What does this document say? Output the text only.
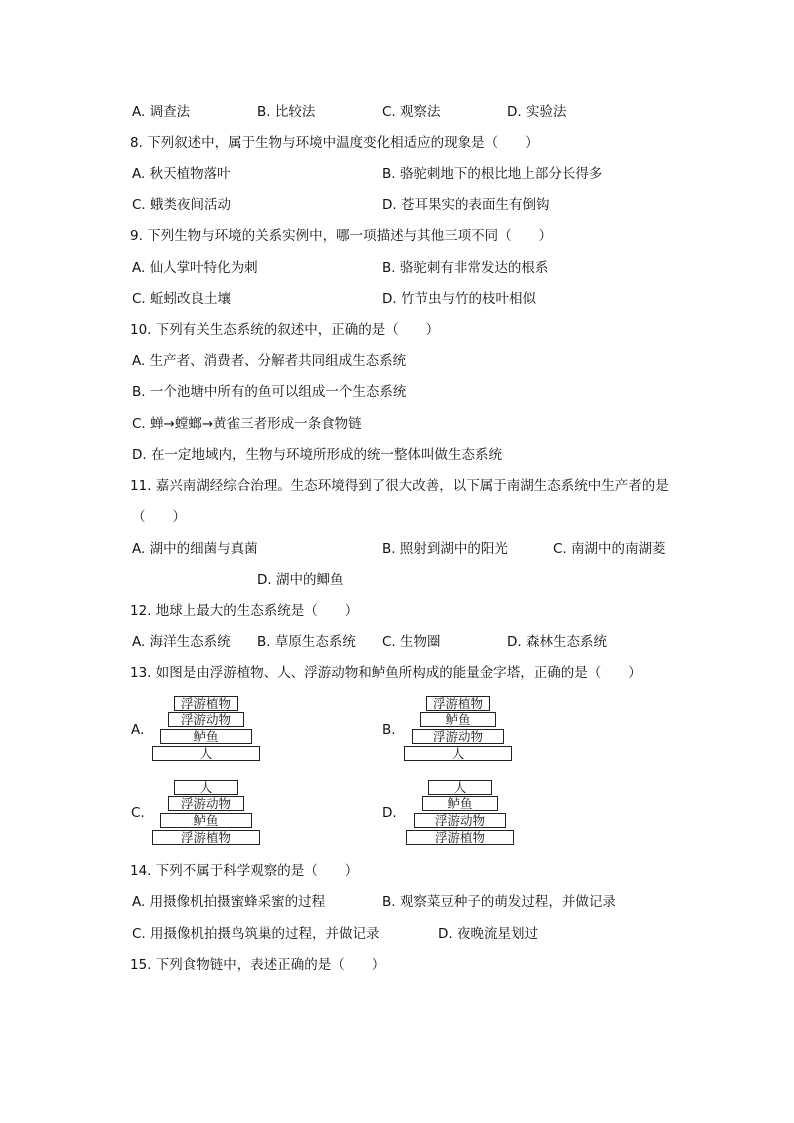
A. 调查法	B. 比较法	C. 观察法	D. 实验法
8. 下列叙述中，属于生物与环境中温度变化相适应的现象是（　　）
A. 秋天植物落叶	B. 骆驼刺地下的根比地上部分长得多
C. 蛾类夜间活动	D. 苍耳果实的表面生有倒钩
9. 下列生物与环境的关系实例中，哪一项描述与其他三项不同（　　）
A. 仙人掌叶特化为刺	B. 骆驼刺有非常发达的根系
C. 蚯蚓改良土壤	D. 竹节虫与竹的枝叶相似
10. 下列有关生态系统的叙述中，正确的是（　　）
A. 生产者、消费者、分解者共同组成生态系统
B. 一个池塘中所有的鱼可以组成一个生态系统
C. 蝉→螳螂→黄雀三者形成一条食物链
D. 在一定地域内，生物与环境所形成的统一整体叫做生态系统
11. 嘉兴南湖经综合治理。生态环境得到了很大改善，以下属于南湖生态系统中生产者的是
（　　）
A. 湖中的细菌与真菌	B. 照射到湖中的阳光	C. 南湖中的南湖菱
D. 湖中的鲫鱼
12. 地球上最大的生态系统是（　　）
A. 海洋生态系统 B. 草原生态系统 C. 生物圈	D. 森林生态系统
13. 如图是由浮游植物、人、浮游动物和鲈鱼所构成的能量金字塔，正确的是（　　）
A.
浮游植物
浮游动物
鲈鱼
人
B.
浮游植物
鲈鱼
浮游动物
人
C.
人
浮游动物
鲈鱼
浮游植物
D.
人
鲈鱼
浮游动物
浮游植物
14. 下列不属于科学观察的是（　　）
A. 用摄像机拍摄蜜蜂采蜜的过程	B. 观察菜豆种子的萌发过程，并做记录
C. 用摄像机拍摄鸟筑巢的过程，并做记录	D. 夜晚流星划过
15. 下列食物链中，表述正确的是（　　）
